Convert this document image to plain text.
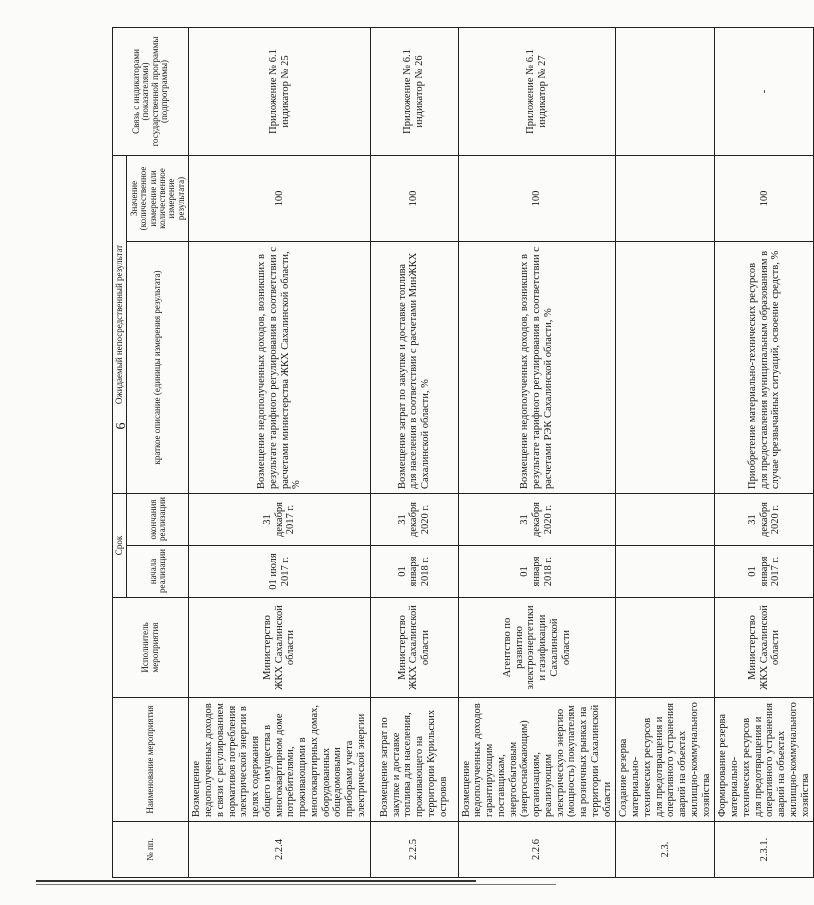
6
№ пп.	Наименование мероприятия	Исполнитель мероприятия	Срок		Ожидаемый непосредственный результат		Связь с индикаторами (показателями) государственной программы (подпрограммы)
			начала реализации	окончания реализации	краткое описание (единицы измерения результата)	Значение (количественное измерение или количественное измерение результата)	
2.2.4	Возмещение недополученных доходов в связи с регулированием нормативов потребления электрической энергии в целях содержания общего имущества в многоквартирном доме потребителями, проживающими в многоквартирных домах, оборудованных общедомовыми приборами учета электрической энергии	Министерство ЖКХ Сахалинской области	01 июля 2017 г.	31 декабря 2017 г.	Возмещение недополученных доходов, возникших в результате тарифного регулирования в соответствии с расчетами министерства ЖКХ Сахалинской области, %	100	Приложение № 6.1 индикатор № 25
2.2.5	Возмещение затрат по закупке и доставке топлива для населения, проживающего на территории Курильских островов	Министерство ЖКХ Сахалинской области	01 января 2018 г.	31 декабря 2020 г.	Возмещение затрат по закупке и доставке топлива для населения в соответствии с расчетами МинЖКХ Сахалинской области, %	100	Приложение № 6.1 индикатор № 26
2.2.6	Возмещение недополученных доходов гарантирующим поставщикам, энергосбытовым (энергоснабжающим) организациям, реализующим электрическую энергию (мощность) покупателям на розничных рынках на территории Сахалинской области	Агентство по развитию электроэнергетики и газификации Сахалинской области	01 января 2018 г.	31 декабря 2020 г.	Возмещение недополученных доходов, возникших в результате тарифного регулирования в соответствии с расчетами РЭК Сахалинской области, %	100	Приложение № 6.1 индикатор № 27
2.3.	Создание резерва материально-технических ресурсов для предотвращения и оперативного устранения аварий на объектах жилищно-коммунального хозяйства						
2.3.1.	Формирование резерва материально-технических ресурсов для предотвращения и оперативного устранения аварий на объектах жилищно-коммунального хозяйства	Министерство ЖКХ Сахалинской области	01 января 2017 г.	31 декабря 2020 г.	Приобретение материально-технических ресурсов для предоставления муниципальным образованиям в случае чрезвычайных ситуаций, освоение средств, %	100	-
